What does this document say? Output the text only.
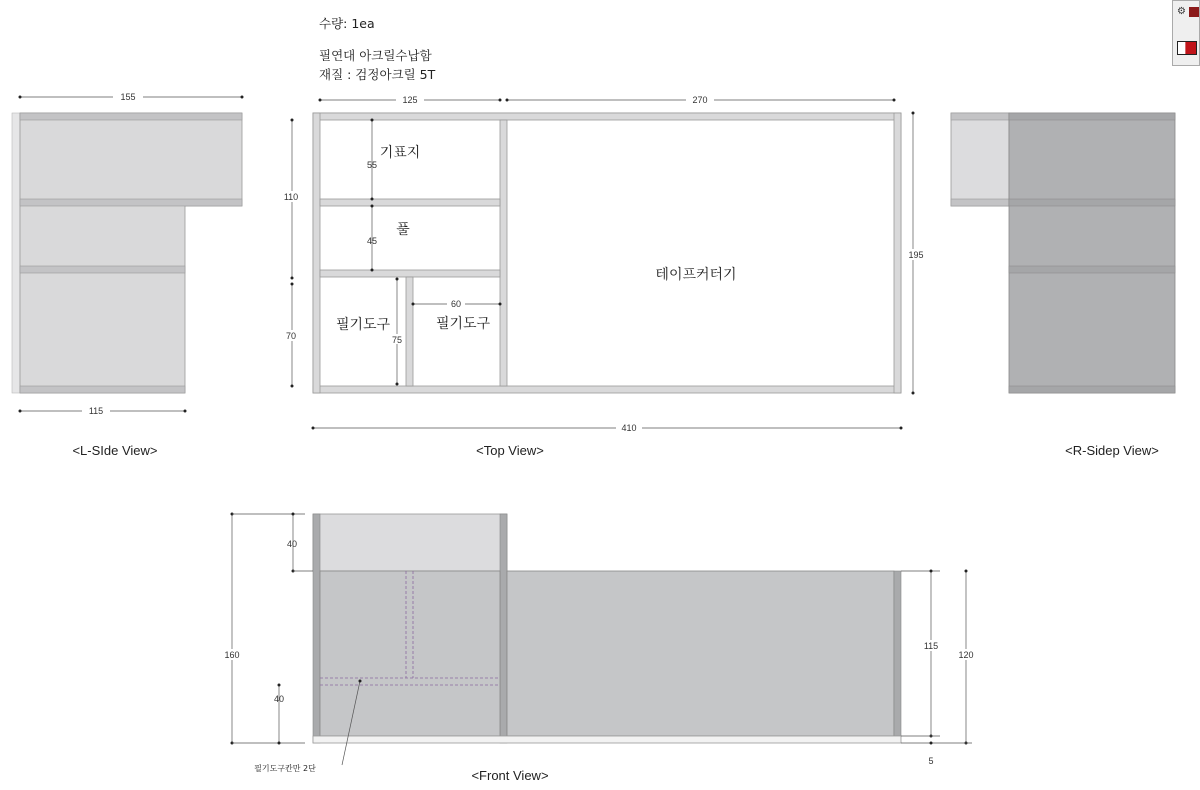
수량: 1ea
필연대 아크릴수납함
재질 : 검정아크릴 5T
⚙
155
115
<L-SIde View>
기표지
풀
필기도구	필기도구
테이프커터기
55
45
60
75
125	270
110
70
195
410
<Top View>	<R-Sidep View>
160
40
40
115
120
5
필기도구칸만 2단	<Front View>
